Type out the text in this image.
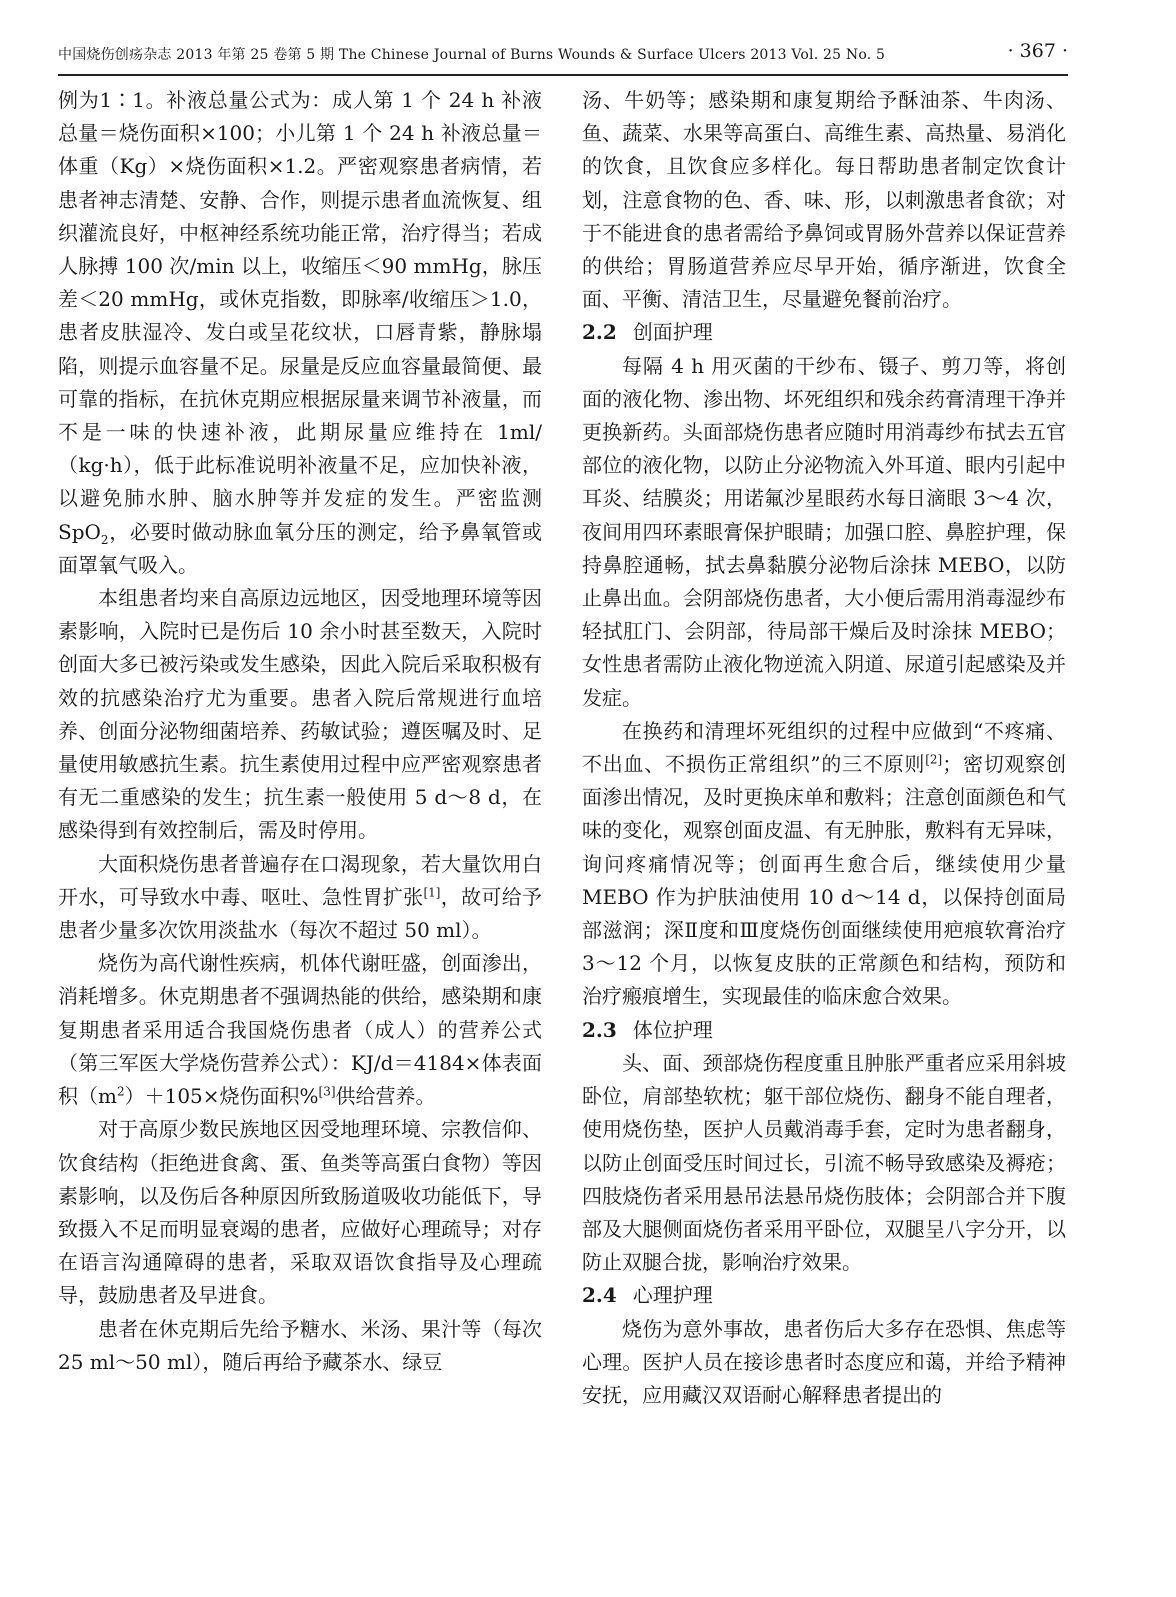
中国烧伤创疡杂志 2013 年第 25 卷第 5 期 The Chinese Journal of Burns Wounds & Surface Ulcers 2013 Vol. 25 No. 5	· 367 ·

例为1∶1。补液总量公式为：成人第 1 个 24 h 补液总量＝烧伤面积×100；小儿第 1 个 24 h 补液总量＝体重（Kg）×烧伤面积×1.2。严密观察患者病情，若患者神志清楚、安静、合作，则提示患者血流恢复、组织灌流良好，中枢神经系统功能正常，治疗得当；若成人脉搏 100 次/min 以上，收缩压＜90 mmHg，脉压差＜20 mmHg，或休克指数，即脉率/收缩压＞1.0，患者皮肤湿冷、发白或呈花纹状，口唇青紫，静脉塌陷，则提示血容量不足。尿量是反应血容量最简便、最可靠的指标，在抗休克期应根据尿量来调节补液量，而不是一味的快速补液，此期尿量应维持在 1ml/（kg·h），低于此标准说明补液量不足，应加快补液，以避免肺水肿、脑水肿等并发症的发生。严密监测 SpO$_2$，必要时做动脉血氧分压的测定，给予鼻氧管或面罩氧气吸入。

本组患者均来自高原边远地区，因受地理环境等因素影响，入院时已是伤后 10 余小时甚至数天，入院时创面大多已被污染或发生感染，因此入院后采取积极有效的抗感染治疗尤为重要。患者入院后常规进行血培养、创面分泌物细菌培养、药敏试验；遵医嘱及时、足量使用敏感抗生素。抗生素使用过程中应严密观察患者有无二重感染的发生；抗生素一般使用 5 d～8 d，在感染得到有效控制后，需及时停用。

大面积烧伤患者普遍存在口渴现象，若大量饮用白开水，可导致水中毒、呕吐、急性胃扩张[1]，故可给予患者少量多次饮用淡盐水（每次不超过 50 ml）。

烧伤为高代谢性疾病，机体代谢旺盛，创面渗出，消耗增多。休克期患者不强调热能的供给，感染期和康复期患者采用适合我国烧伤患者（成人）的营养公式（第三军医大学烧伤营养公式）：KJ/d＝4184×体表面积$(m^2)+105\times$烧伤面积%[3]供给营养。

对于高原少数民族地区因受地理环境、宗教信仰、饮食结构（拒绝进食禽、蛋、鱼类等高蛋白食物）等因素影响，以及伤后各种原因所致肠道吸收功能低下，导致摄入不足而明显衰竭的患者，应做好心理疏导；对存在语言沟通障碍的患者，采取双语饮食指导及心理疏导，鼓励患者及早进食。

患者在休克期后先给予糖水、米汤、果汁等（每次 25 ml～50 ml），随后再给予藏茶水、绿豆

汤、牛奶等；感染期和康复期给予酥油茶、牛肉汤、鱼、蔬菜、水果等高蛋白、高维生素、高热量、易消化的饮食，且饮食应多样化。每日帮助患者制定饮食计划，注意食物的色、香、味、形，以刺激患者食欲；对于不能进食的患者需给予鼻饲或胃肠外营养以保证营养的供给；胃肠道营养应尽早开始，循序渐进，饮食全面、平衡、清洁卫生，尽量避免餐前治疗。

2.2 创面护理

每隔 4 h 用灭菌的干纱布、镊子、剪刀等，将创面的液化物、渗出物、坏死组织和残余药膏清理干净并更换新药。头面部烧伤患者应随时用消毒纱布拭去五官部位的液化物，以防止分泌物流入外耳道、眼内引起中耳炎、结膜炎；用诺氟沙星眼药水每日滴眼 3～4 次，夜间用四环素眼膏保护眼睛；加强口腔、鼻腔护理，保持鼻腔通畅，拭去鼻黏膜分泌物后涂抹 MEBO，以防止鼻出血。会阴部烧伤患者，大小便后需用消毒湿纱布轻拭肛门、会阴部，待局部干燥后及时涂抹 MEBO；女性患者需防止液化物逆流入阴道、尿道引起感染及并发症。

在换药和清理坏死组织的过程中应做到“不疼痛、不出血、不损伤正常组织”的三不原则[2]；密切观察创面渗出情况，及时更换床单和敷料；注意创面颜色和气味的变化，观察创面皮温、有无肿胀，敷料有无异味，询问疼痛情况等；创面再生愈合后，继续使用少量 MEBO 作为护肤油使用 10 d～14 d，以保持创面局部滋润；深Ⅱ度和Ⅲ度烧伤创面继续使用疤痕软膏治疗 3～12 个月，以恢复皮肤的正常颜色和结构，预防和治疗瘢痕增生，实现最佳的临床愈合效果。

2.3 体位护理

头、面、颈部烧伤程度重且肿胀严重者应采用斜坡卧位，肩部垫软枕；躯干部位烧伤、翻身不能自理者，使用烧伤垫，医护人员戴消毒手套，定时为患者翻身，以防止创面受压时间过长，引流不畅导致感染及褥疮；四肢烧伤者采用悬吊法悬吊烧伤肢体；会阴部合并下腹部及大腿侧面烧伤者采用平卧位，双腿呈八字分开，以防止双腿合拢，影响治疗效果。

2.4 心理护理

烧伤为意外事故，患者伤后大多存在恐惧、焦虑等心理。医护人员在接诊患者时态度应和蔼，并给予精神安抚，应用藏汉双语耐心解释患者提出的
